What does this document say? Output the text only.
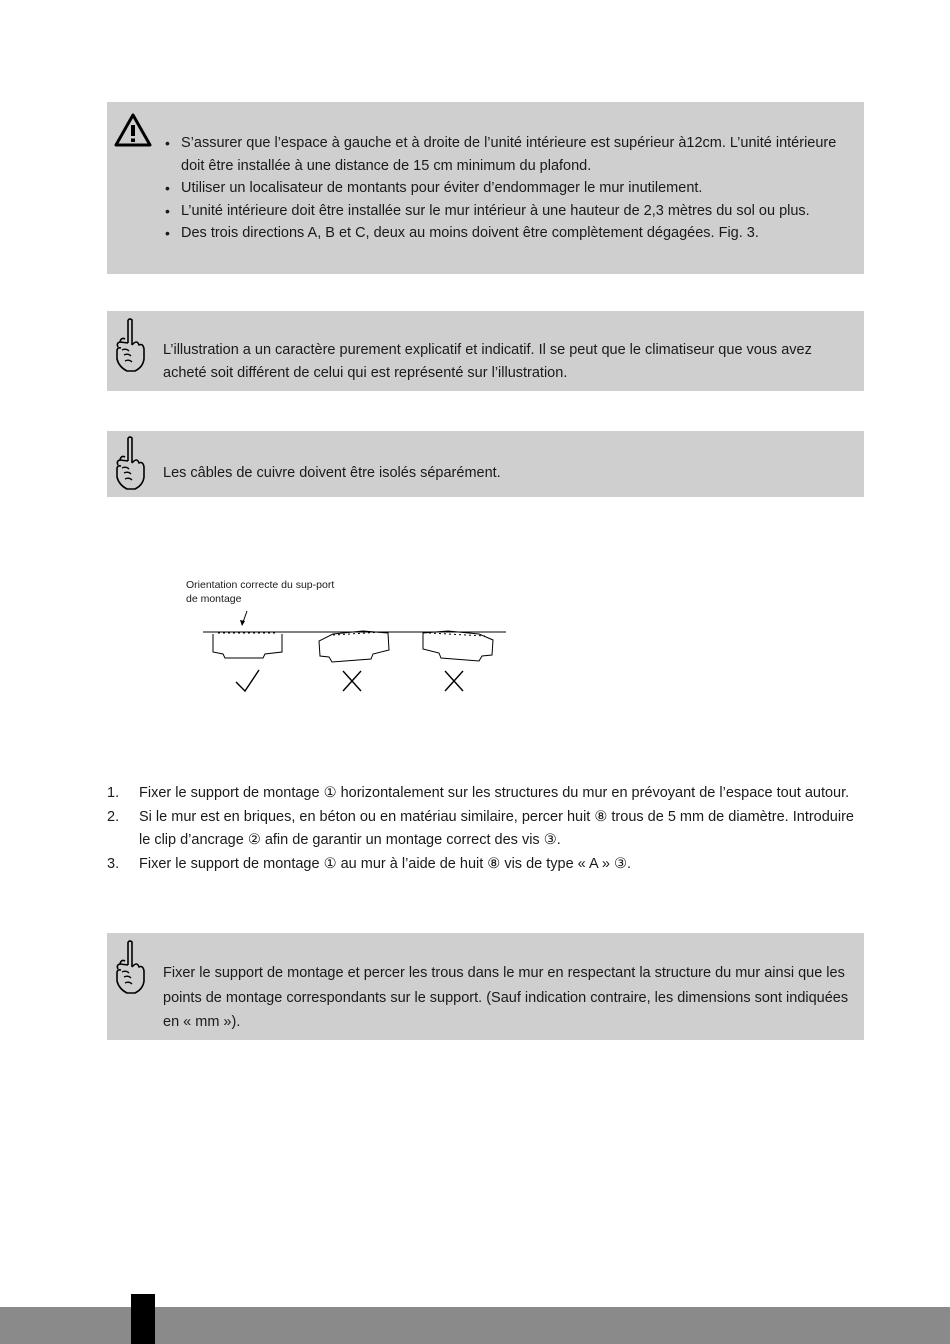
• S’assurer que l’espace à gauche et à droite de l’unité intérieure est supérieur à12cm. L’unité intérieure doit être installée à une distance de 15 cm minimum du plafond.
• Utiliser un localisateur de montants pour éviter d’endommager le mur inutilement.
• L’unité intérieure doit être installée sur le mur intérieur à une hauteur de 2,3 mètres du sol ou plus.
• Des trois directions A, B et C, deux au moins doivent être complètement dégagées. Fig. 3.
L’illustration a un caractère purement explicatif et indicatif. Il se peut que le climatiseur que vous avez acheté soit différent de celui qui est représenté sur l’illustration.
Les câbles de cuivre doivent être isolés séparément.
Orientation correcte du sup-port de montage
1. Fixer le support de montage ① horizontalement sur les structures du mur en prévoyant de l’espace tout autour.
2. Si le mur est en briques, en béton ou en matériau similaire, percer huit ⑧ trous de 5 mm de diamètre. Introduire le clip d’ancrage ② afin de garantir un montage correct des vis ③.
3. Fixer le support de montage ① au mur à l’aide de huit ⑧ vis de type « A » ③.
Fixer le support de montage et percer les trous dans le mur en respectant la structure du mur ainsi que les points de montage correspondants sur le support. (Sauf indication contraire, les dimensions sont indiquées en « mm »).
